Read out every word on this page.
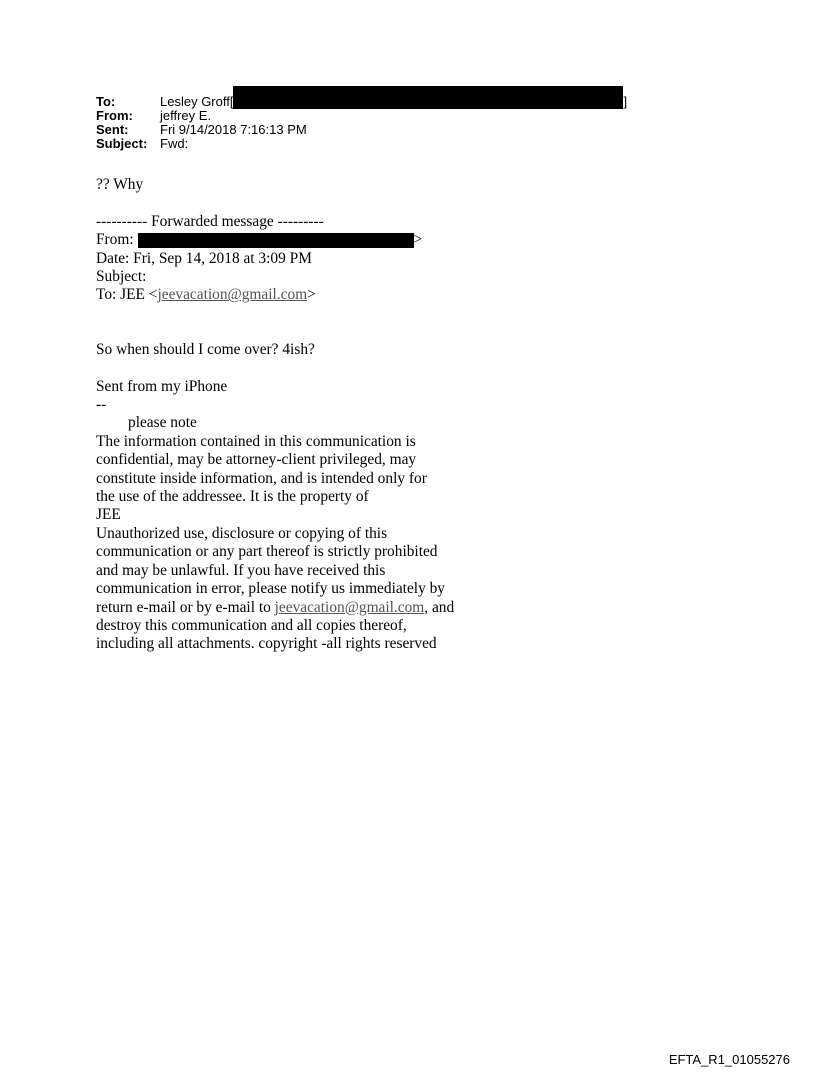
To:	Lesley Groff[	]
From:	jeffrey E.
Sent:	Fri 9/14/2018 7:16:13 PM
Subject: Fwd:
?? Why
---------- Forwarded message ---------
From:	>
Date: Fri, Sep 14, 2018 at 3:09 PM
Subject:
To: JEE <jeevacation@gmail.com>
So when should I come over? 4ish?
Sent from my iPhone
--
please note
The information contained in this communication is
confidential, may be attorney-client privileged, may
constitute inside information, and is intended only for
the use of the addressee. It is the property of
JEE
Unauthorized use, disclosure or copying of this
communication or any part thereof is strictly prohibited
and may be unlawful. If you have received this
communication in error, please notify us immediately by
return e-mail or by e-mail to jeevacation@gmail.com, and
destroy this communication and all copies thereof,
including all attachments. copyright -all rights reserved
EFTA_R1_01055276
